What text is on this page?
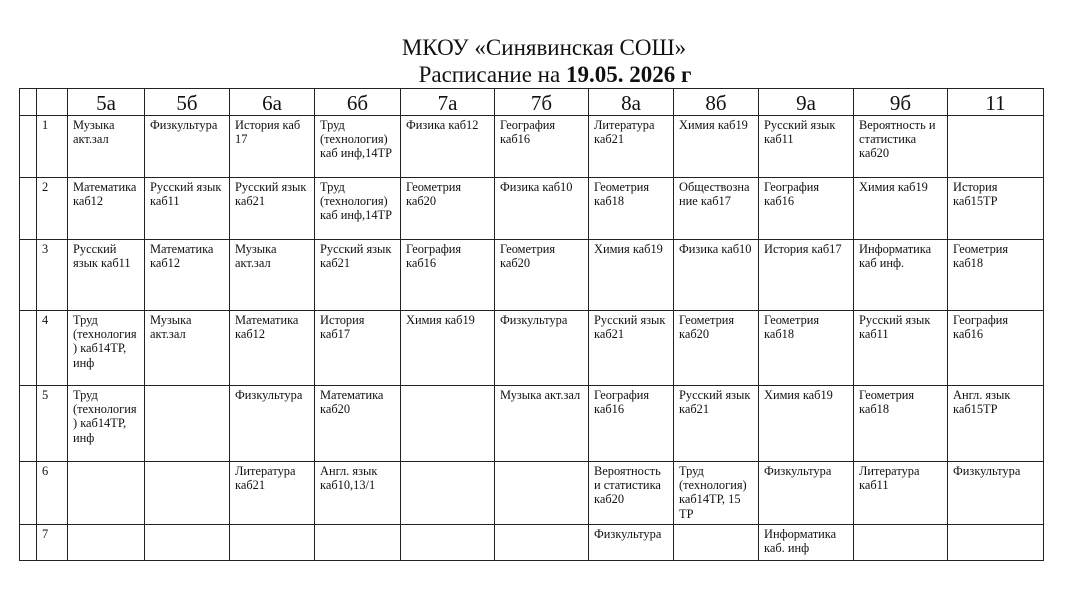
МКОУ «Синявинская СОШ»
Расписание на 19.05. 2026 г
		5а	5б	6а	6б	7а	7б	8а	8б	9а	9б	11
	1	Музыка акт.зал	Физкультура	История каб 17	Труд (технология) каб инф,14ТР	Физика каб12	География каб16	Литература каб21	Химия каб19	Русский язык каб11	Вероятность и статистика каб20	
	2	Математика каб12	Русский язык каб11	Русский язык каб21	Труд (технология) каб инф,14ТР	Геометрия каб20	Физика каб10	Геометрия каб18	Обществознание каб17	География каб16	Химия каб19	История каб15ТР
	3	Русский язык каб11	Математика каб12	Музыка акт.зал	Русский язык каб21	География каб16	Геометрия каб20	Химия каб19	Физика каб10	История каб17	Информатика каб инф.	Геометрия каб18
	4	Труд (технология) каб14ТР, инф	Музыка акт.зал	Математика каб12	История каб17	Химия каб19	Физкультура	Русский язык каб21	Геометрия каб20	Геометрия каб18	Русский язык каб11	География каб16
	5	Труд (технология) каб14ТР, инф		Физкультура	Математика каб20		Музыка акт.зал	География каб16	Русский язык каб21	Химия каб19	Геометрия каб18	Англ. язык каб15ТР
	6			Литература каб21	Англ. язык каб10,13/1			Вероятность и статистика каб20	Труд (технология) каб14ТР, 15 ТР	Физкультура	Литература каб11	Физкультура
	7							Физкультура		Информатика каб. инф		
